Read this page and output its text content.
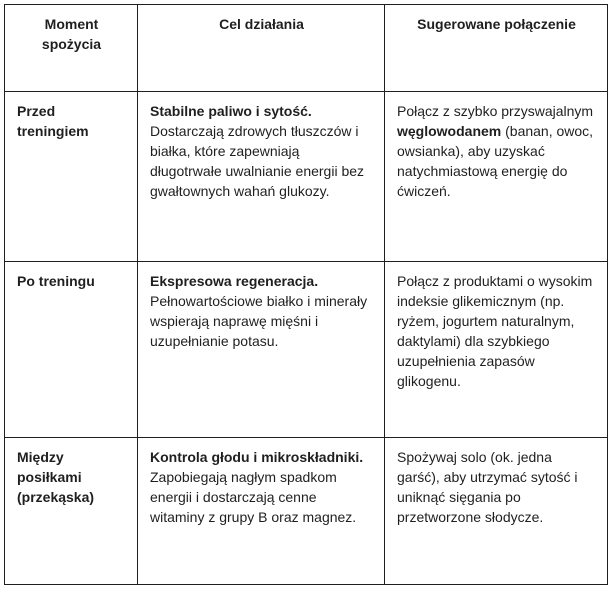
Moment spożycia	Cel działania	Sugerowane połączenie
Przed treningiem	Stabilne paliwo i sytość. Dostarczają zdrowych tłuszczów i białka, które zapewniają długotrwałe uwalnianie energii bez gwałtownych wahań glukozy.	Połącz z szybko przyswajalnym węglowodanem (banan, owoc, owsianka), aby uzyskać natychmiastową energię do ćwiczeń.
Po treningu	Ekspresowa regeneracja. Pełnowartościowe białko i minerały wspierają naprawę mięśni i uzupełnianie potasu.	Połącz z produktami o wysokim indeksie glikemicznym (np. ryżem, jogurtem naturalnym, daktylami) dla szybkiego uzupełnienia zapasów glikogenu.
Między posiłkami (przekąska)	Kontrola głodu i mikroskładniki. Zapobiegają nagłym spadkom energii i dostarczają cenne witaminy z grupy B oraz magnez.	Spożywaj solo (ok. jedna garść), aby utrzymać sytość i uniknąć sięgania po przetworzone słodycze.
